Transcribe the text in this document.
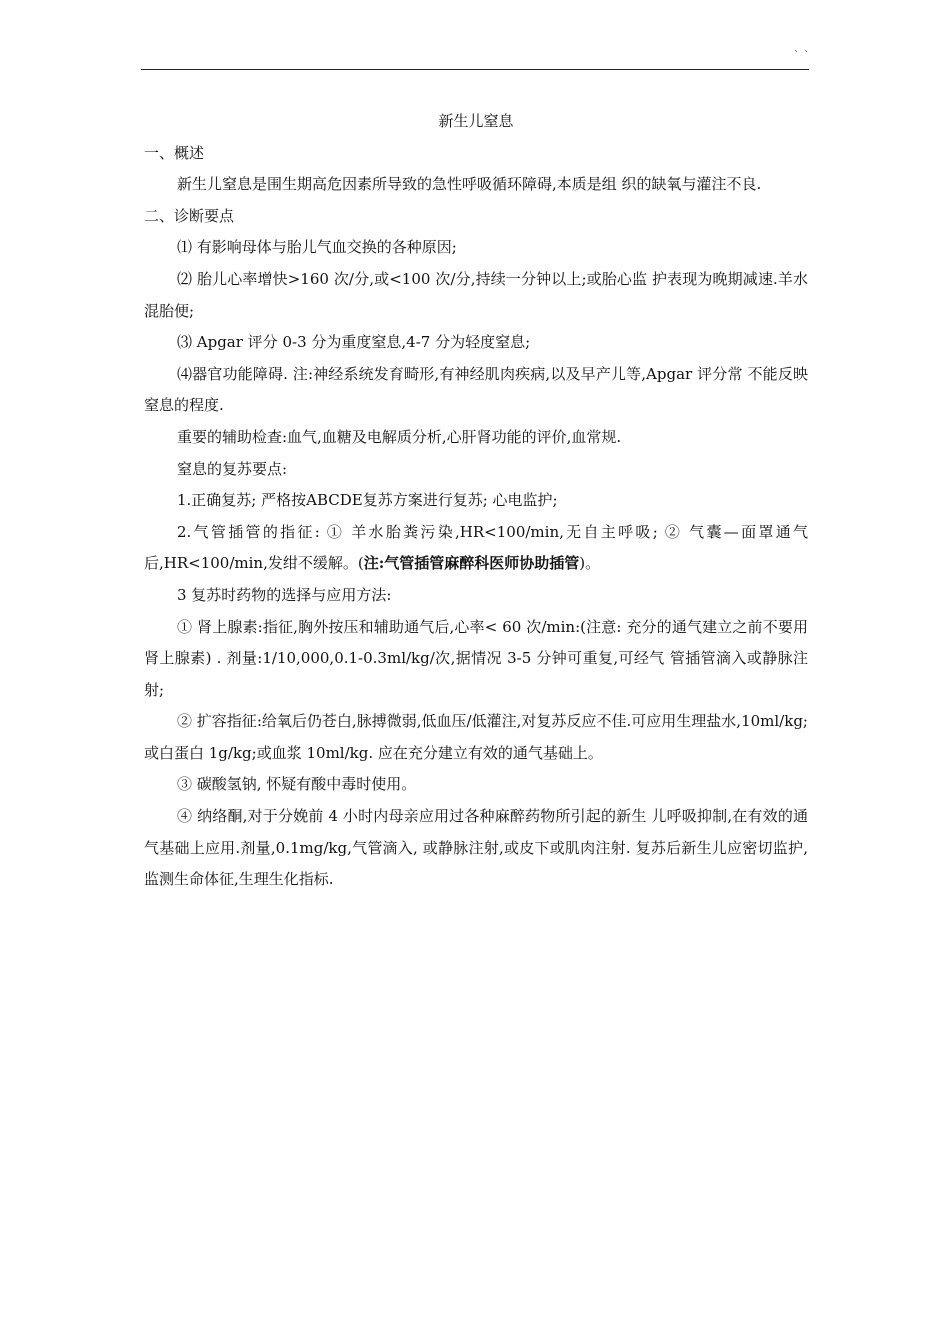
` `

新生儿窒息

一、概述

新生儿窒息是围生期高危因素所导致的急性呼吸循环障碍,本质是组 织的缺氧与灌注不良.

二、诊断要点

⑴ 有影响母体与胎儿气血交换的各种原因;

⑵ 胎儿心率增快>160 次/分,或<100 次/分,持续一分钟以上;或胎心监 护表现为晚期减速.羊水混胎便;

⑶ Apgar 评分 0-3 分为重度窒息,4-7 分为轻度窒息;

⑷器官功能障碍. 注:神经系统发育畸形,有神经肌肉疾病,以及早产儿等,Apgar 评分常 不能反映窒息的程度.

重要的辅助检查:血气,血糖及电解质分析,心肝肾功能的评价,血常规.

窒息的复苏要点:

1.正确复苏; 严格按ABCDE复苏方案进行复苏; 心电监护;

2.气管插管的指征: ① 羊水胎粪污染,HR<100/min,无自主呼吸; ② 气囊—面罩通气后,HR<100/min,发绀不缓解。(注:气管插管麻醉科医师协助插管)。

3 复苏时药物的选择与应用方法:

① 肾上腺素:指征,胸外按压和辅助通气后,心率< 60 次/min:(注意: 充分的通气建立之前不要用肾上腺素) . 剂量:1/10,000,0.1-0.3ml/kg/次,据情况 3-5 分钟可重复,可经气 管插管滴入或静脉注射;

② 扩容指征:给氧后仍苍白,脉搏微弱,低血压/低灌注,对复苏反应不佳.可应用生理盐水,10ml/kg;或白蛋白 1g/kg;或血浆 10ml/kg. 应在充分建立有效的通气基础上。

③ 碳酸氢钠, 怀疑有酸中毒时使用。

④ 纳络酮,对于分娩前 4 小时内母亲应用过各种麻醉药物所引起的新生 儿呼吸抑制,在有效的通气基础上应用.剂量,0.1mg/kg,气管滴入, 或静脉注射,或皮下或肌肉注射. 复苏后新生儿应密切监护,监测生命体征,生理生化指标.
